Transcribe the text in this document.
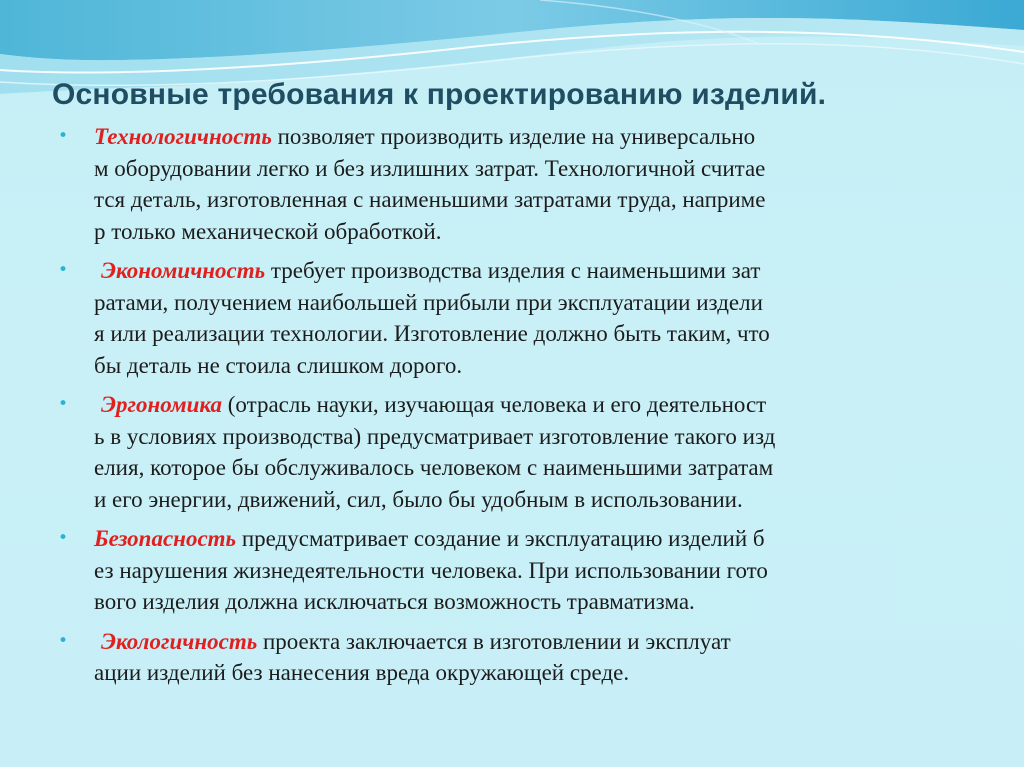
Основные требования к проектированию изделий.
• Технологичность позволяет производить изделие на универсально
м оборудовании легко и без излишних затрат. Технологичной считае
тся деталь, изготовленная с наименьшими затратами труда, наприме
р только механической обработкой.
•	Экономичность требует производства изделия с наименьшими зат
ратами, получением наибольшей прибыли при эксплуатации издели
я или реализации технологии. Изготовление должно быть таким, что
бы деталь не стоила слишком дорого.
•	Эргономика (отрасль науки, изучающая человека и его деятельност
ь в условиях производства) предусматривает изготовление такого изд
елия, которое бы обслуживалось человеком с наименьшими затратам
и его энергии, движений, сил, было бы удобным в использовании.
• Безопасность предусматривает создание и эксплуатацию изделий б
ез нарушения жизнедеятельности человека. При использовании гото
вого изделия должна исключаться возможность травматизма.
•	Экологичность проекта заключается в изготовлении и эксплуат
ации изделий без нанесения вреда окружающей среде.
